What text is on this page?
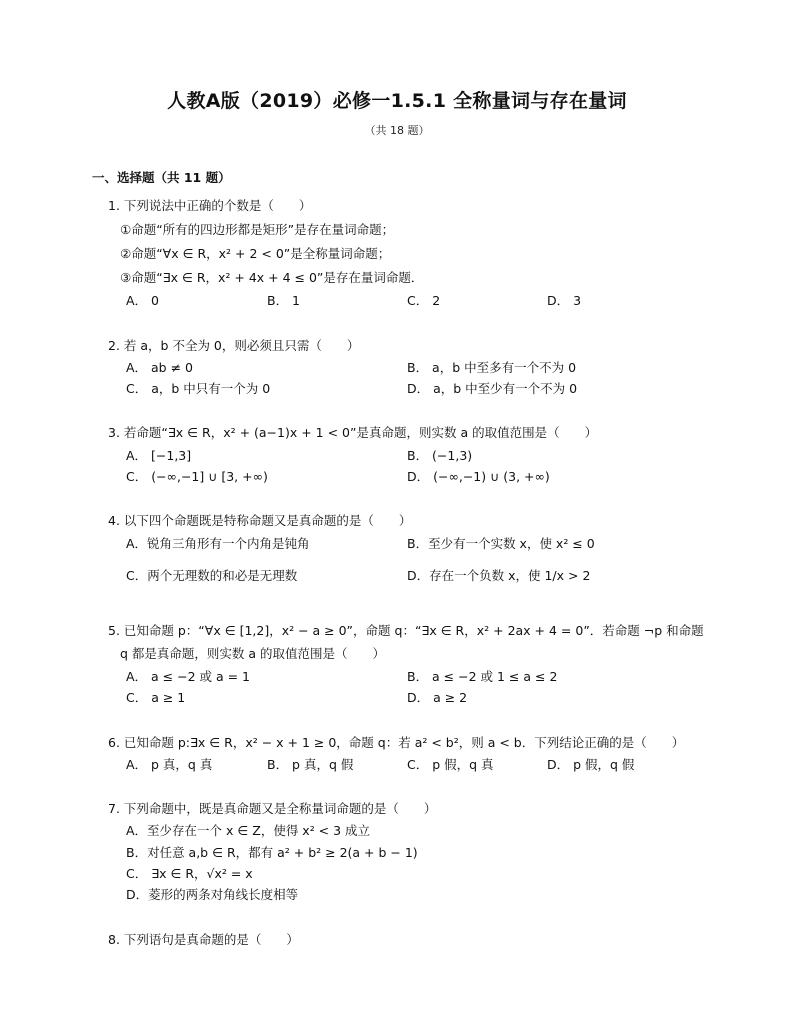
人教A版（2019）必修一1.5.1 全称量词与存在量词
（共 18 题）
一、选择题（共 11 题）
1. 下列说法中正确的个数是（　　）
①命题“所有的四边形都是矩形”是存在量词命题；
②命题“∀x ∈ R，x² + 2 < 0”是全称量词命题；
③命题“∃x ∈ R，x² + 4x + 4 ≤ 0”是存在量词命题．
A． 0	B． 1	C． 2	D． 3
2. 若 a，b 不全为 0，则必须且只需（　　）
A． ab ≠ 0	B． a，b 中至多有一个不为 0
C． a，b 中只有一个为 0	D． a，b 中至少有一个不为 0
3. 若命题“∃x ∈ R，x² + (a−1)x + 1 < 0”是真命题，则实数 a 的取值范围是（　　）
A． [−1,3]	B． (−1,3)
C． (−∞,−1] ∪ [3, +∞)	D． (−∞,−1) ∪ (3, +∞)
4. 以下四个命题既是特称命题又是真命题的是（　　）
A．锐角三角形有一个内角是钝角	B．至少有一个实数 x，使 x² ≤ 0
C．两个无理数的和必是无理数	D．存在一个负数 x，使 1/x > 2
5. 已知命题 p：“∀x ∈ [1,2]，x² − a ≥ 0”，命题 q：“∃x ∈ R，x² + 2ax + 4 = 0”．若命题 ¬p 和命题
q 都是真命题，则实数 a 的取值范围是（　　）
A． a ≤ −2 或 a = 1	B． a ≤ −2 或 1 ≤ a ≤ 2
C． a ≥ 1	D． a ≥ 2
6. 已知命题 p:∃x ∈ R，x² − x + 1 ≥ 0，命题 q：若 a² < b²，则 a < b．下列结论正确的是（　　）
A． p 真，q 真	B． p 真，q 假	C． p 假，q 真	D． p 假，q 假
7. 下列命题中，既是真命题又是全称量词命题的是（　　）
A．至少存在一个 x ∈ Z，使得 x² < 3 成立
B．对任意 a,b ∈ R，都有 a² + b² ≥ 2(a + b − 1)
C． ∃x ∈ R，√x² = x
D．菱形的两条对角线长度相等
8. 下列语句是真命题的是（　　）
